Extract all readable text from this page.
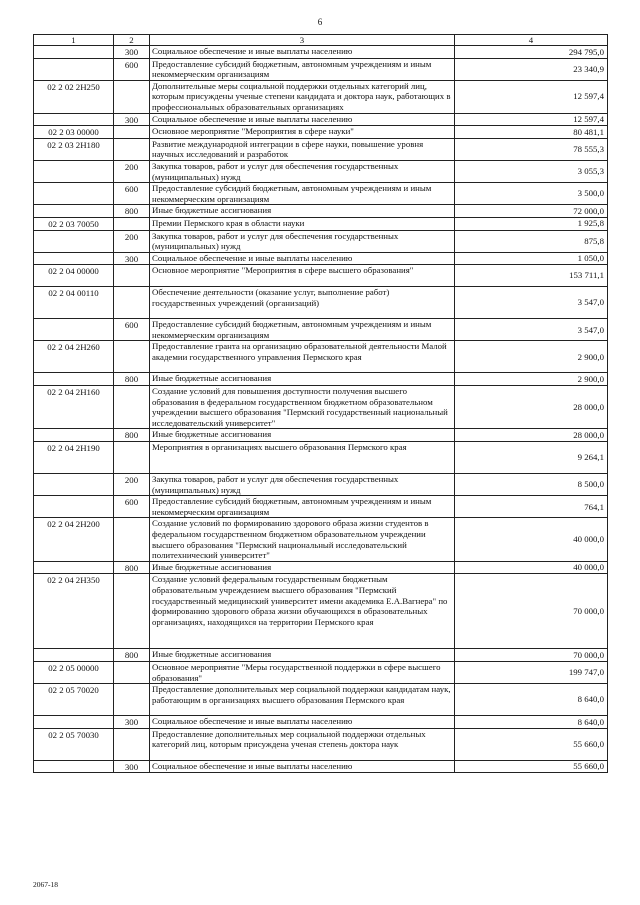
6
1	2	3	4
	300	Социальное обеспечение и иные выплаты населению	294 795,0
	600	Предоставление субсидий бюджетным, автономным учреждениям и иным некоммерческим организациям	23 340,9
02 2 02 2Н250		Дополнительные меры социальной поддержки отдельных категорий лиц, которым присуждены ученые степени кандидата и доктора наук, работающих в профессиональных образовательных организациях	12 597,4
	300	Социальное обеспечение и иные выплаты населению	12 597,4
02 2 03 00000		Основное мероприятие "Мероприятия в сфере науки"	80 481,1
02 2 03 2Н180		Развитие международной интеграции в сфере науки, повышение уровня научных исследований и разработок	78 555,3
	200	Закупка товаров, работ и услуг для обеспечения государственных (муниципальных) нужд	3 055,3
	600	Предоставление субсидий бюджетным, автономным учреждениям и иным некоммерческим организациям	3 500,0
	800	Иные бюджетные ассигнования	72 000,0
02 2 03 70050		Премии Пермского края в области науки	1 925,8
	200	Закупка товаров, работ и услуг для обеспечения государственных (муниципальных) нужд	875,8
	300	Социальное обеспечение и иные выплаты населению	1 050,0
02 2 04 00000		Основное мероприятие "Мероприятия в сфере высшего образования"	153 711,1
02 2 04 00110		Обеспечение деятельности (оказание услуг, выполнение работ) государственных учреждений (организаций)	3 547,0
	600	Предоставление субсидий бюджетным, автономным учреждениям и иным некоммерческим организациям	3 547,0
02 2 04 2Н260		Предоставление гранта на организацию образовательной деятельности Малой академии государственного управления Пермского края	2 900,0
	800	Иные бюджетные ассигнования	2 900,0
02 2 04 2Н160		Создание условий для повышения доступности получения высшего образования в федеральном государственном бюджетном образовательном учреждении высшего образования "Пермский государственный национальный исследовательский университет"	28 000,0
	800	Иные бюджетные ассигнования	28 000,0
02 2 04 2Н190		Мероприятия в организациях высшего образования Пермского края	9 264,1
	200	Закупка товаров, работ и услуг для обеспечения государственных (муниципальных) нужд	8 500,0
	600	Предоставление субсидий бюджетным, автономным учреждениям и иным некоммерческим организациям	764,1
02 2 04 2Н200		Создание условий по формированию здорового образа жизни студентов в федеральном государственном бюджетном образовательном учреждении высшего образования "Пермский национальный исследовательский политехнический университет"	40 000,0
	800	Иные бюджетные ассигнования	40 000,0
02 2 04 2Н350		Создание условий федеральным государственным бюджетным образовательным учреждением высшего образования "Пермский государственный медицинский университет имени академика Е.А.Вагнера" по формированию здорового образа жизни обучающихся в образовательных организациях, находящихся на территории Пермского края	70 000,0
	800	Иные бюджетные ассигнования	70 000,0
02 2 05 00000		Основное мероприятие "Меры государственной поддержки в сфере высшего образования"	199 747,0
02 2 05 70020		Предоставление дополнительных мер социальной поддержки кандидатам наук, работающим в организациях высшего образования Пермского края	8 640,0
	300	Социальное обеспечение и иные выплаты населению	8 640,0
02 2 05 70030		Предоставление дополнительных мер социальной поддержки отдельных категорий лиц, которым присуждена ученая степень доктора наук	55 660,0
	300	Социальное обеспечение и иные выплаты населению	55 660,0
2067-18
